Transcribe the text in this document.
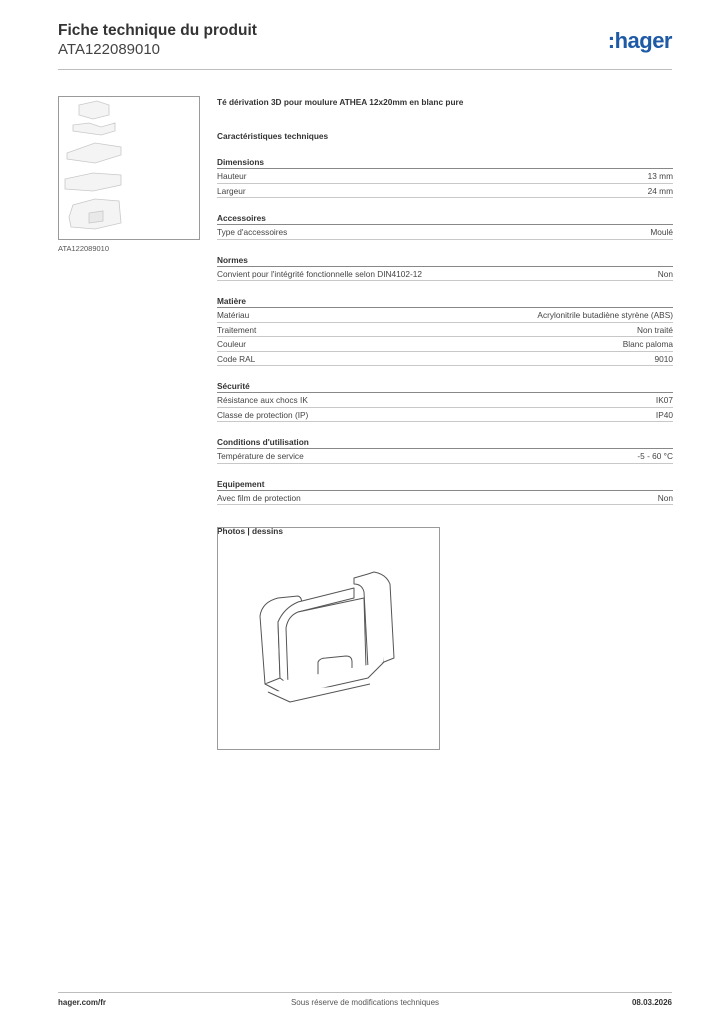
Fiche technique du produit
ATA122089010	:hager
ATA122089010
Té dérivation 3D pour moulure ATHEA 12x20mm en blanc pure
Caractéristiques techniques
Dimensions
Hauteur	13 mm
Largeur	24 mm
Accessoires
Type d'accessoires	Moulé
Normes
Convient pour l'intégrité fonctionnelle selon DIN4102-12	Non
Matière
Matériau	Acrylonitrile butadiène styrène (ABS)
Traitement	Non traité
Couleur	Blanc paloma
Code RAL	9010
Sécurité
Résistance aux chocs IK	IK07
Classe de protection (IP)	IP40
Conditions d'utilisation
Température de service	-5 - 60 °C
Equipement
Avec film de protection	Non
Photos | dessins
Sous réserve de modifications techniques
hager.com/fr	08.03.2026
